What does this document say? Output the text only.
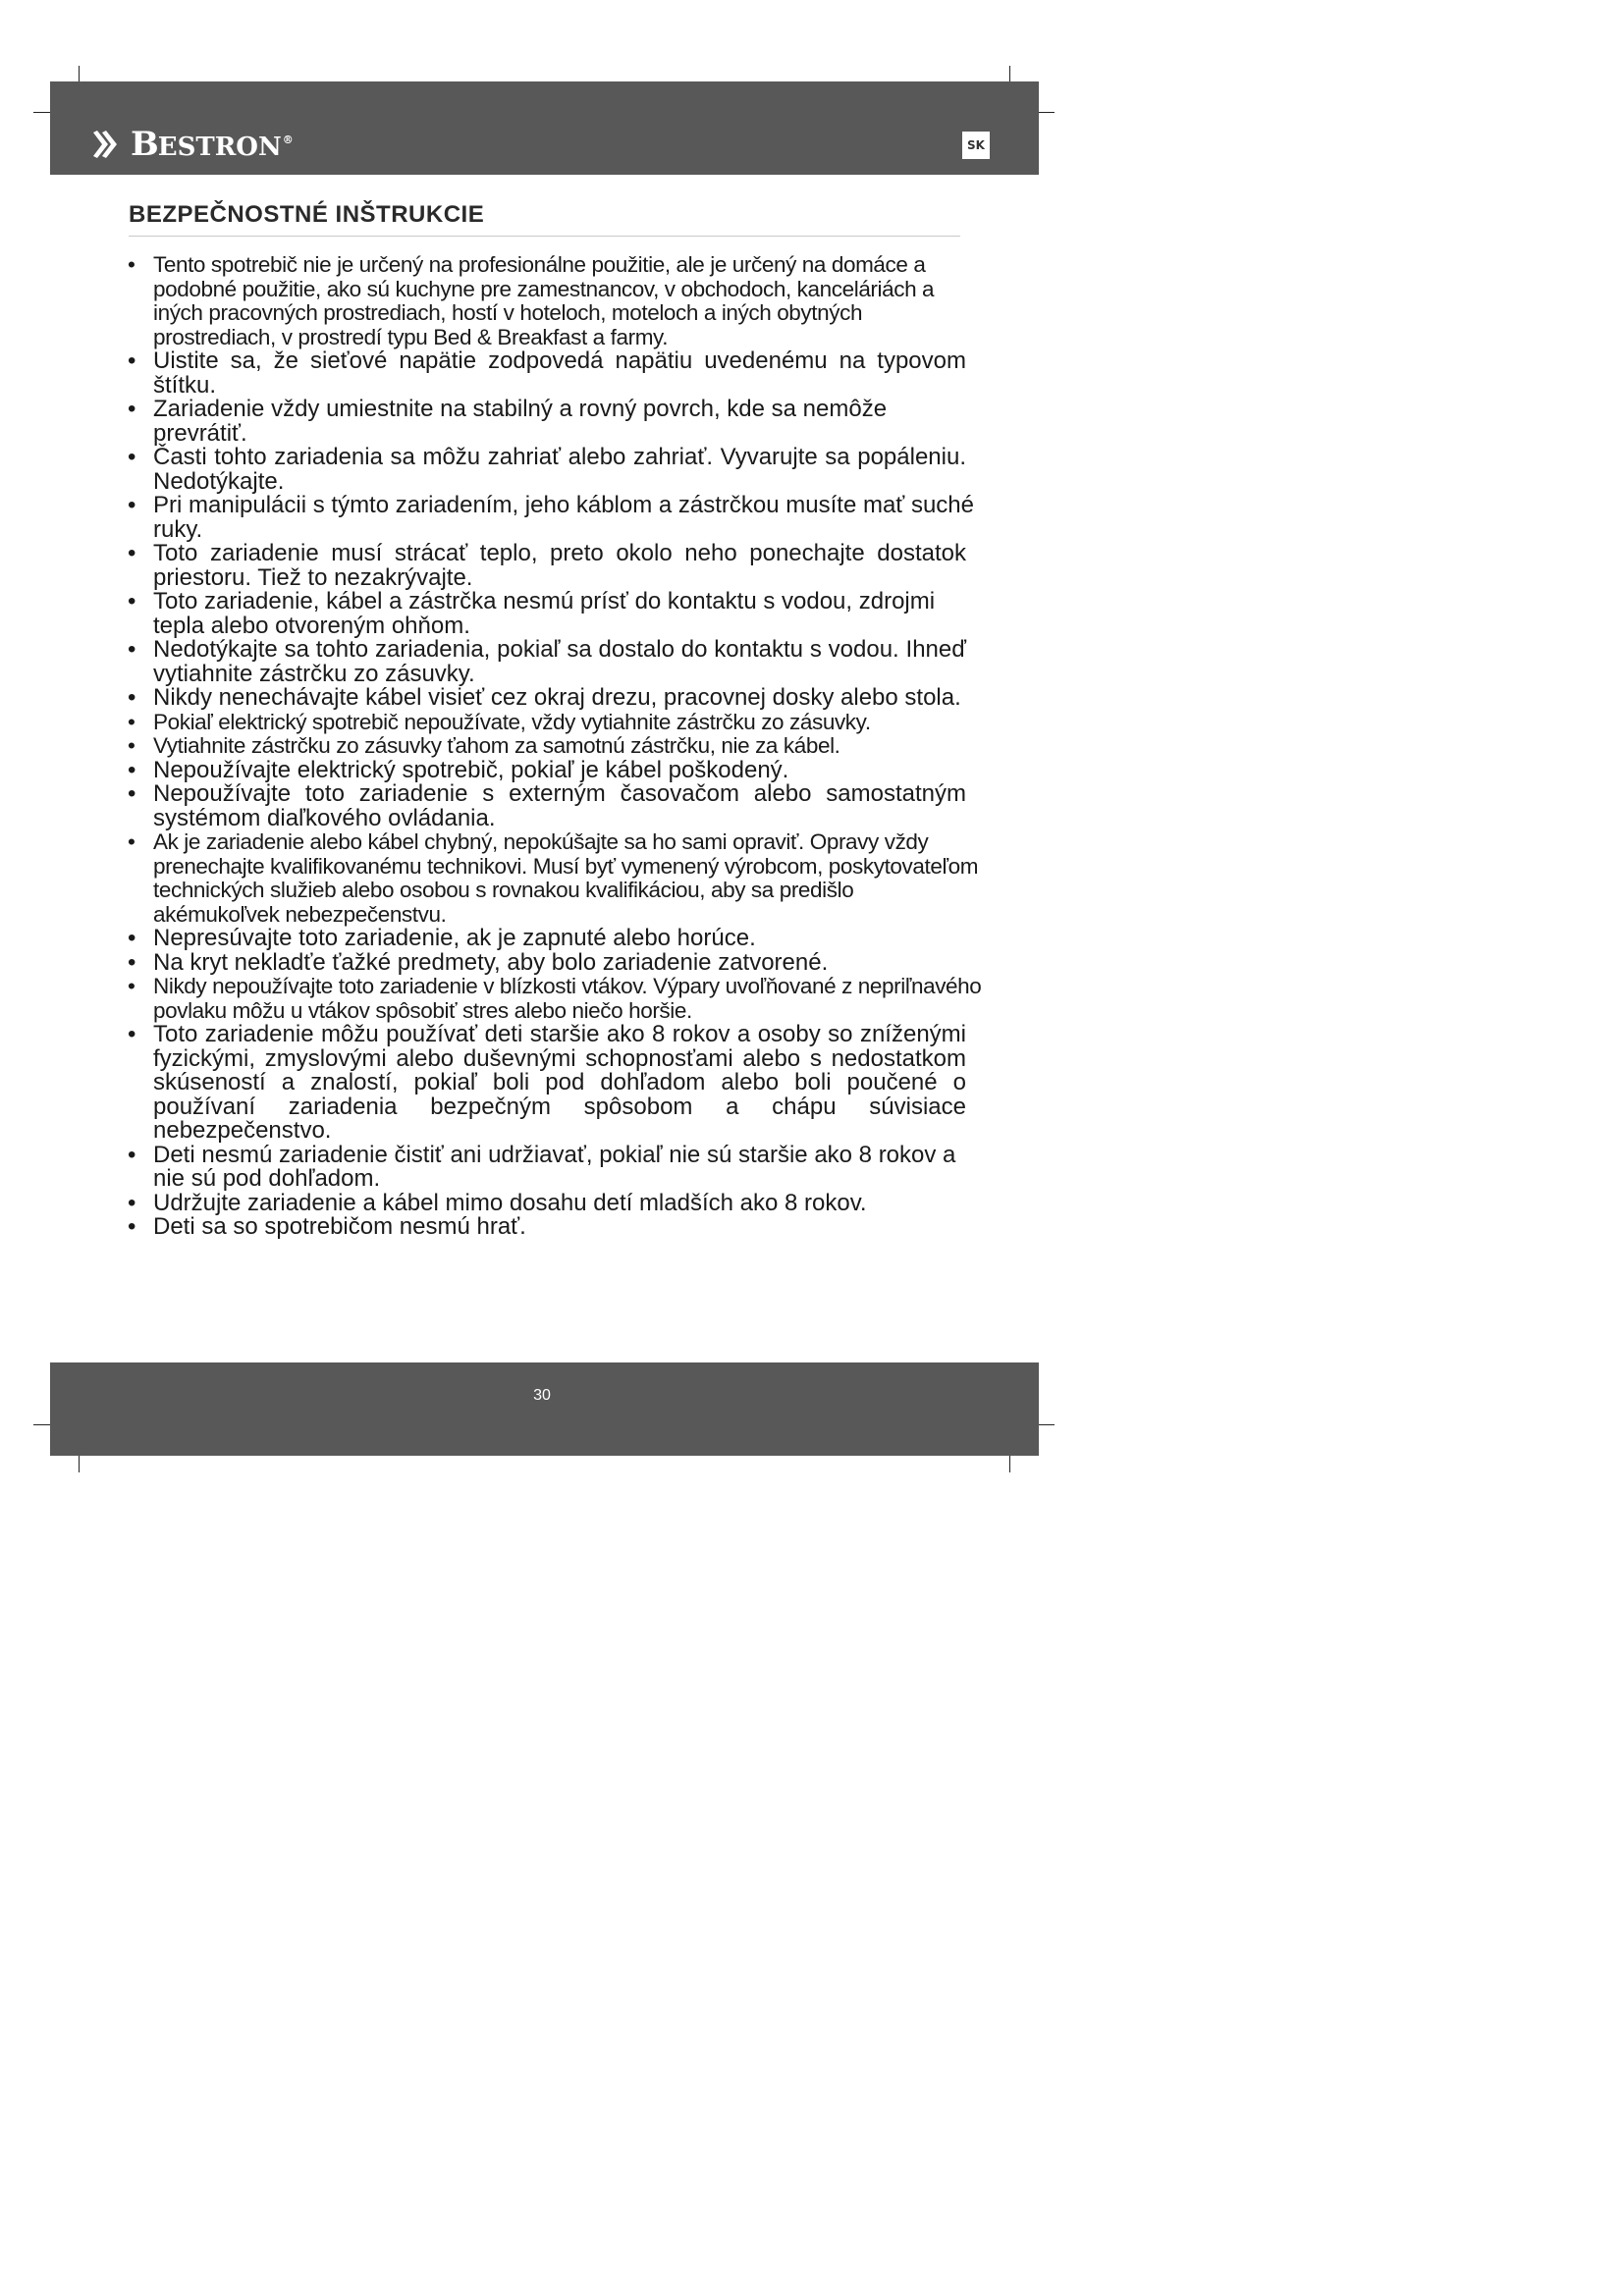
BESTRON®	SK
BEZPEČNOSTNÉ INŠTRUKCIE
• Tento spotrebič nie je určený na profesionálne použitie, ale je určený na domáce a podobné použitie, ako sú kuchyne pre zamestnancov, v obchodoch, kanceláriách a iných pracovných prostrediach, hostí v hoteloch, moteloch a iných obytných prostrediach, v prostredí typu Bed & Breakfast a farmy.
• Uistite sa, že sieťové napätie zodpovedá napätiu uvedenému na typovom štítku.
• Zariadenie vždy umiestnite na stabilný a rovný povrch, kde sa nemôže prevrátiť.
• Časti tohto zariadenia sa môžu zahriať alebo zahriať. Vyvarujte sa popáleniu. Nedotýkajte.
• Pri manipulácii s týmto zariadením, jeho káblom a zástrčkou musíte mať suché ruky.
• Toto zariadenie musí strácať teplo, preto okolo neho ponechajte dostatok priestoru. Tiež to nezakrývajte.
• Toto zariadenie, kábel a zástrčka nesmú prísť do kontaktu s vodou, zdrojmi tepla alebo otvoreným ohňom.
• Nedotýkajte sa tohto zariadenia, pokiaľ sa dostalo do kontaktu s vodou. Ihneď vytiahnite zástrčku zo zásuvky.
• Nikdy nenechávajte kábel visieť cez okraj drezu, pracovnej dosky alebo stola.
• Pokiaľ elektrický spotrebič nepoužívate, vždy vytiahnite zástrčku zo zásuvky.
• Vytiahnite zástrčku zo zásuvky ťahom za samotnú zástrčku, nie za kábel.
• Nepoužívajte elektrický spotrebič, pokiaľ je kábel poškodený.
• Nepoužívajte toto zariadenie s externým časovačom alebo samostatným systémom diaľkového ovládania.
• Ak je zariadenie alebo kábel chybný, nepokúšajte sa ho sami opraviť. Opravy vždy prenechajte kvalifikovanému technikovi. Musí byť vymenený výrobcom, poskytovateľom technických služieb alebo osobou s rovnakou kvalifikáciou, aby sa predišlo akémukoľvek nebezpečenstvu.
• Nepresúvajte toto zariadenie, ak je zapnuté alebo horúce.
• Na kryt nekladťe ťažké predmety, aby bolo zariadenie zatvorené.
• Nikdy nepoužívajte toto zariadenie v blízkosti vtákov. Výpary uvoľňované z nepriľnavého povlaku môžu u vtákov spôsobiť stres alebo niečo horšie.
• Toto zariadenie môžu používať deti staršie ako 8 rokov a osoby so zníženými fyzickými, zmyslovými alebo duševnými schopnosťami alebo s nedostatkom skúseností a znalostí, pokiaľ boli pod dohľadom alebo boli poučené o používaní zariadenia bezpečným spôsobom a chápu súvisiace nebezpečenstvo.
• Deti nesmú zariadenie čistiť ani udržiavať, pokiaľ nie sú staršie ako 8 rokov a nie sú pod dohľadom.
• Udržujte zariadenie a kábel mimo dosahu detí mladších ako 8 rokov.
• Deti sa so spotrebičom nesmú hrať.
30
